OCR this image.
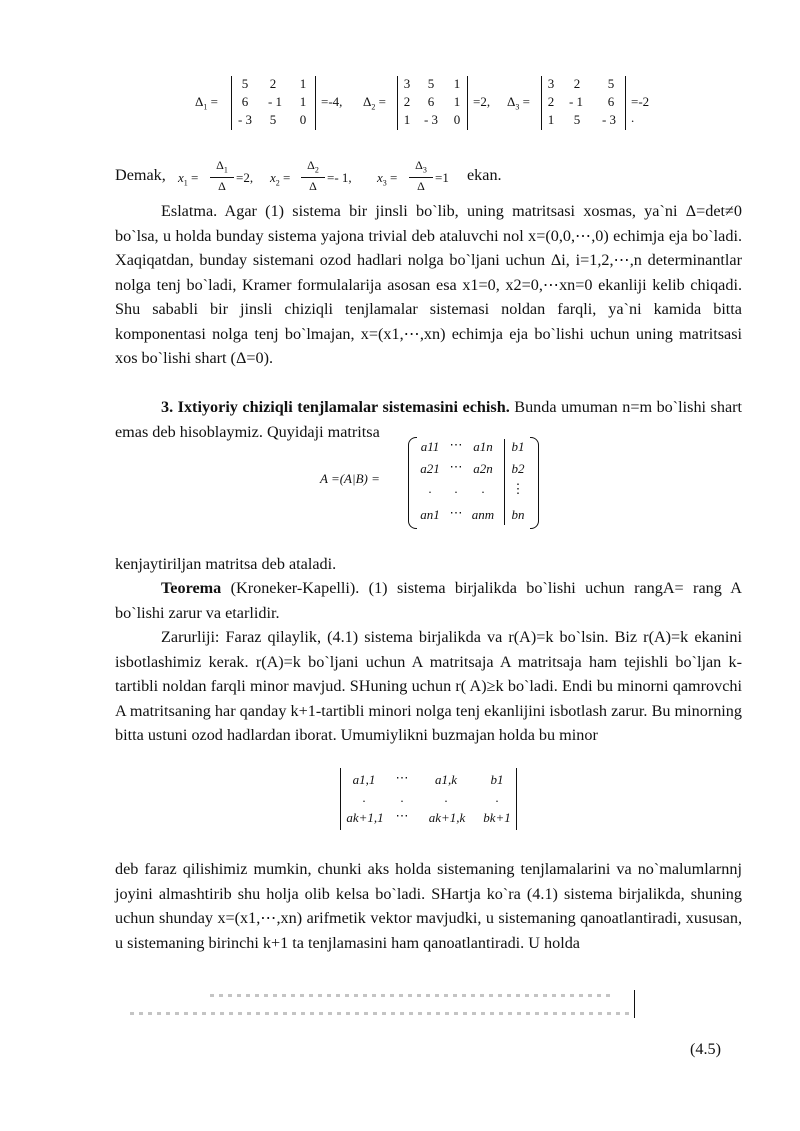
$\Delta_1$ =
5	2	1
6	- 1	1
- 3	5	0
=-4, $\Delta_2$ =
3	5	1
2	6	1
1	- 3	0
=2, $\Delta_3$ =
3	2	5
2	- 1	6
1	5	- 3
=-2 .
Demak, $x_1$ =
$\Delta_1$
Δ
=2, $x_2$ =
$\Delta_2$
Δ
=- 1, $x_3$ =
$\Delta_3$
Δ
=1 ekan.

Eslatma. Agar (1) sistema bir jinsli bo`lib, uning matritsasi xosmas, ya`ni Δ=det≠0 bo`lsa, u holda bunday sistema yajona trivial deb ataluvchi nol x=(0,0,⋯,0) echimja eja bo`ladi. Xaqiqatdan, bunday sistemani ozod hadlari nolga bo`ljani uchun Δi, i=1,2,⋯,n determinantlar nolga tenj bo`ladi, Kramer formulalarija asosan esa x1=0, x2=0,⋯xn=0 ekanliji kelib chiqadi. Shu sababli bir jinsli chiziqli tenjlamalar sistemasi noldan farqli, ya`ni kamida bitta komponentasi nolga tenj bo`lmajan, x=(x1,⋯,xn) echimja eja bo`lishi uchun uning matritsasi xos bo`lishi shart (Δ=0).

3. Ixtiyoriy chiziqli tenjlamalar sistemasini echish. Bunda umuman n=m bo`lishi shart emas deb hisoblaymiz. Quyidaji matritsa

A =(A|B) =
a11 ⋯ a1n	b1
a21 ⋯ a2n	b2
.	.	.	⋮
an1 ⋯ anm bn

kenjaytiriljan matritsa deb ataladi.

Teorema (Kroneker-Kapelli). (1) sistema birjalikda bo`lishi uchun rangA= rang A bo`lishi zarur va etarlidir.

Zarurliji: Faraz qilaylik, (4.1) sistema birjalikda va r(A)=k bo`lsin. Biz r(A)=k ekanini isbotlashimiz kerak. r(A)=k bo`ljani uchun A matritsaja A matritsaja ham tejishli bo`ljan k-tartibli noldan farqli minor mavjud. SHuning uchun r( A)≥k bo`ladi. Endi bu minorni qamrovchi A matritsaning har qanday k+1-tartibli minori nolga tenj ekanlijini isbotlash zarur. Bu minorning bitta ustuni ozod hadlardan iborat. Umumiylikni buzmajan holda bu minor

a1,1	⋯	a1,k	b1
.	.	.	.
ak+1,1 ⋯	ak+1,k	bk+1

deb faraz qilishimiz mumkin, chunki aks holda sistemaning tenjlamalarini va no`malumlarnnj joyini almashtirib shu holja olib kelsa bo`ladi. SHartja ko`ra (4.1) sistema birjalikda, shuning uchun shunday x=(x1,⋯,xn) arifmetik vektor mavjudki, u sistemaning qanoatlantiradi, xususan, u sistemaning birinchi k+1 ta tenjlamasini ham qanoatlantiradi. U holda

(4.5)
